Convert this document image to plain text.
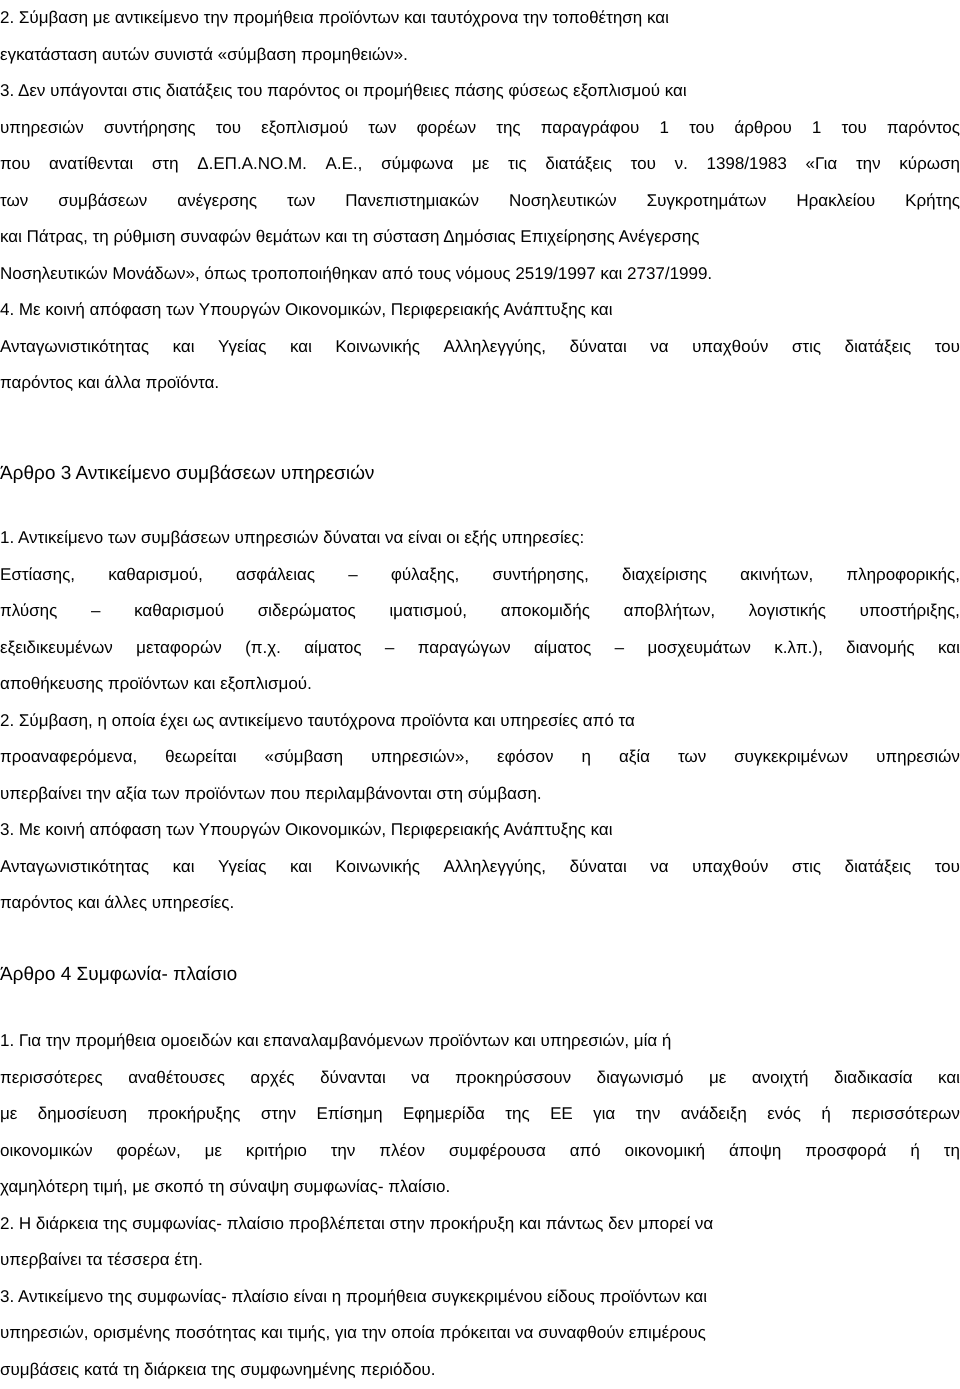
2. Σύμβαση με αντικείμενο την προμήθεια προϊόντων και ταυτόχρονα την τοποθέτηση και
εγκατάσταση αυτών συνιστά «σύμβαση προμηθειών».
3. Δεν υπάγονται στις διατάξεις του παρόντος οι προμήθειες πάσης φύσεως εξοπλισμού και
υπηρεσιών συντήρησης του εξοπλισμού των φορέων της παραγράφου 1 του άρθρου 1 του παρόντος
που ανατίθενται στη Δ.ΕΠ.Α.ΝΟ.Μ. Α.Ε., σύμφωνα με τις διατάξεις του ν. 1398/1983 «Για την κύρωση
των συμβάσεων ανέγερσης των Πανεπιστημιακών Νοσηλευτικών Συγκροτημάτων Ηρακλείου Κρήτης
και Πάτρας, τη ρύθμιση συναφών θεμάτων και τη σύσταση Δημόσιας Επιχείρησης Ανέγερσης
Νοσηλευτικών Μονάδων», όπως τροποποιήθηκαν από τους νόμους 2519/1997 και 2737/1999.
4. Με κοινή απόφαση των Υπουργών Οικονομικών, Περιφερειακής Ανάπτυξης και
Ανταγωνιστικότητας και Υγείας και Κοινωνικής Αλληλεγγύης, δύναται να υπαχθούν στις διατάξεις του
παρόντος και άλλα προϊόντα.
Άρθρο 3 Αντικείμενο συμβάσεων υπηρεσιών
1. Αντικείμενο των συμβάσεων υπηρεσιών δύναται να είναι οι εξής υπηρεσίες:
Εστίασης, καθαρισμού, ασφάλειας – φύλαξης, συντήρησης, διαχείρισης ακινήτων, πληροφορικής,
πλύσης – καθαρισμού σιδερώματος ιματισμού, αποκομιδής αποβλήτων, λογιστικής υποστήριξης,
εξειδικευμένων μεταφορών (π.χ. αίματος – παραγώγων αίματος – μοσχευμάτων κ.λπ.), διανομής και
αποθήκευσης προϊόντων και εξοπλισμού.
2. Σύμβαση, η οποία έχει ως αντικείμενο ταυτόχρονα προϊόντα και υπηρεσίες από τα
προαναφερόμενα, θεωρείται «σύμβαση υπηρεσιών», εφόσον η αξία των συγκεκριμένων υπηρεσιών
υπερβαίνει την αξία των προϊόντων που περιλαμβάνονται στη σύμβαση.
3. Με κοινή απόφαση των Υπουργών Οικονομικών, Περιφερειακής Ανάπτυξης και
Ανταγωνιστικότητας και Υγείας και Κοινωνικής Αλληλεγγύης, δύναται να υπαχθούν στις διατάξεις του
παρόντος και άλλες υπηρεσίες.
Άρθρο 4 Συμφωνία- πλαίσιο
1. Για την προμήθεια ομοειδών και επαναλαμβανόμενων προϊόντων και υπηρεσιών, μία ή
περισσότερες αναθέτουσες αρχές δύνανται να προκηρύσσουν διαγωνισμό με ανοιχτή διαδικασία και
με δημοσίευση προκήρυξης στην Επίσημη Εφημερίδα της ΕΕ για την ανάδειξη ενός ή περισσότερων
οικονομικών φορέων, με κριτήριο την πλέον συμφέρουσα από οικονομική άποψη προσφορά ή τη
χαμηλότερη τιμή, με σκοπό τη σύναψη συμφωνίας- πλαίσιο.
2. Η διάρκεια της συμφωνίας- πλαίσιο προβλέπεται στην προκήρυξη και πάντως δεν μπορεί να
υπερβαίνει τα τέσσερα έτη.
3. Αντικείμενο της συμφωνίας- πλαίσιο είναι η προμήθεια συγκεκριμένου είδους προϊόντων και
υπηρεσιών, ορισμένης ποσότητας και τιμής, για την οποία πρόκειται να συναφθούν επιμέρους
συμβάσεις κατά τη διάρκεια της συμφωνημένης περιόδου.
